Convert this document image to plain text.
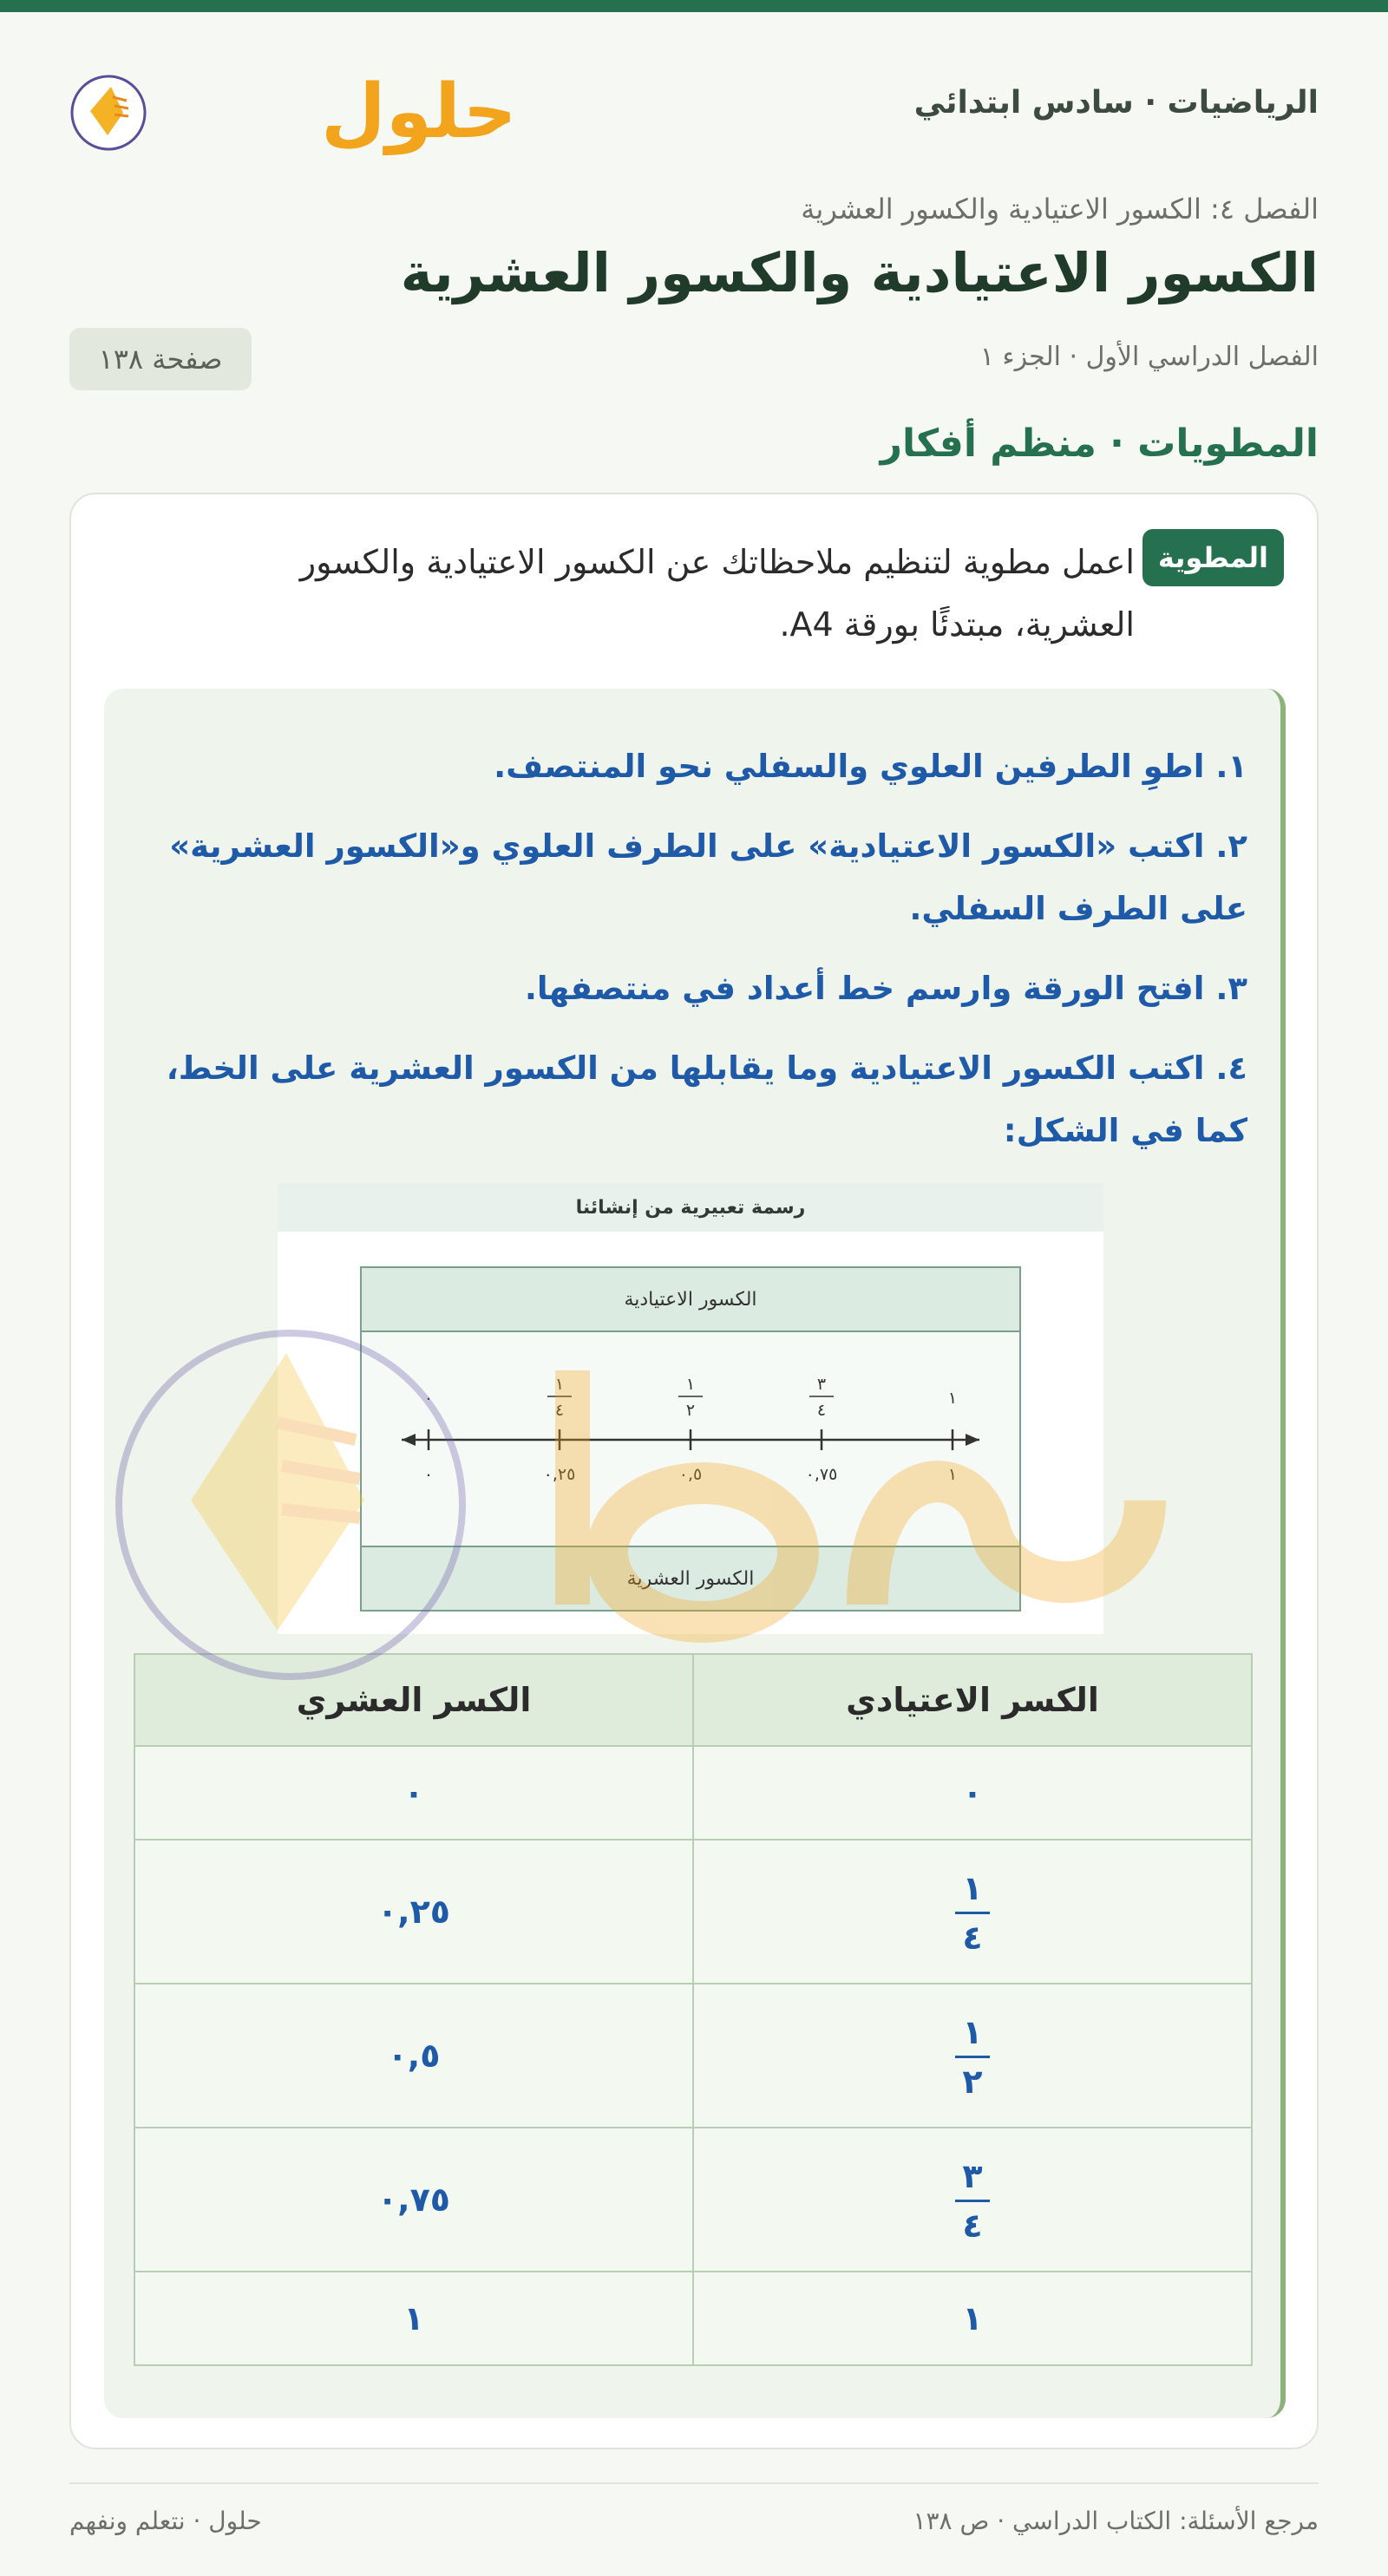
الرياضيات · سادس ابتدائي
حلول
الفصل ٤: الكسور الاعتيادية والكسور العشرية
الكسور الاعتيادية والكسور العشرية
الفصل الدراسي الأول · الجزء ١
صفحة ١٣٨
المطويات · منظم أفكار
المطوية
اعمل مطوية لتنظيم ملاحظاتك عن الكسور الاعتيادية والكسور العشرية، مبتدئًا بورقة A4.
١. اطوِ الطرفين العلوي والسفلي نحو المنتصف.
٢. اكتب «الكسور الاعتيادية» على الطرف العلوي و«الكسور العشرية» على الطرف السفلي.
٣. افتح الورقة وارسم خط أعداد في منتصفها.
٤. اكتب الكسور الاعتيادية وما يقابلها من الكسور العشرية على الخط، كما في الشكل:
رسمة تعبيرية من إنشائنا
الكسور الاعتيادية
٠
٠
١
٤
٠,٢٥
١
٢
٠,٥
٣
٤
٠,٧٥
١
١
الكسور العشرية
الكسر الاعتيادي	الكسر العشري
٠	٠

$\frac{١}{٤}$	٠,٢٥

$\frac{١}{٢}$	٠,٥

$\frac{٣}{٤}$	٠,٧٥
١	١
مرجع الأسئلة: الكتاب الدراسي · ص ١٣٨
حلول · نتعلم ونفهم
